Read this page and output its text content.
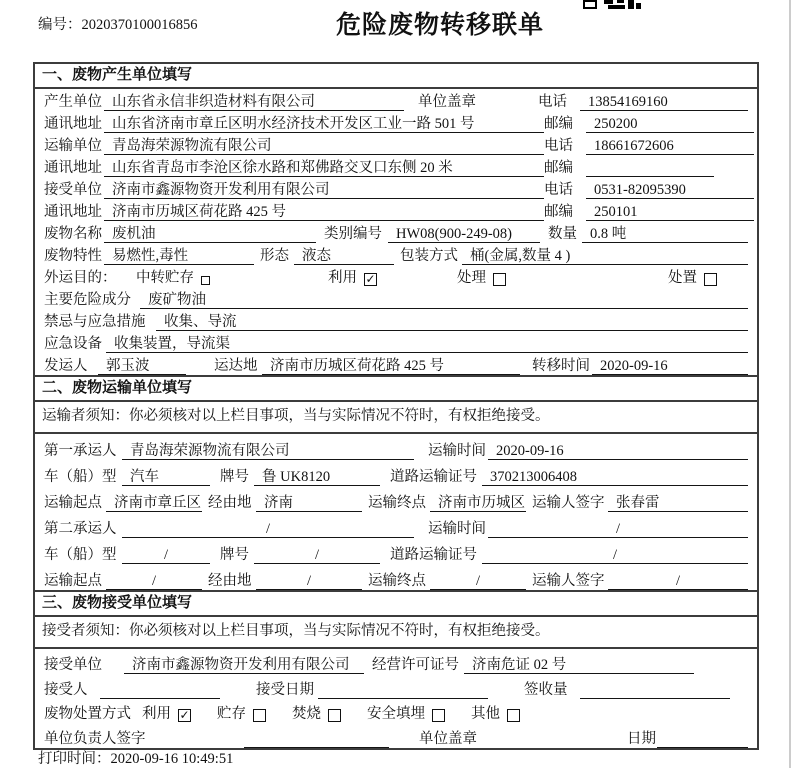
编号：2020370100016856	危险废物转移联单
一、废物产生单位填写
产生单位 山东省永信非织造材料有限公司	单位盖章	电话	13854169160
通讯地址 山东省济南市章丘区明水经济技术开发区工业一路 501 号	邮编	250200
运输单位 青岛海荣源物流有限公司	电话	18661672606
通讯地址 山东省青岛市李沧区徐水路和郑佛路交叉口东侧 20 米	邮编
接受单位 济南市鑫源物资开发利用有限公司	电话	0531-82095390
通讯地址 济南市历城区荷花路 425 号	邮编	250101
废物名称 废机油	类别编号 HW08(900-249-08)	数量 0.8 吨
废物特性 易燃性,毒性	形态 液态	包装方式 桶(金属,数量 4 )
外运目的：	中转贮存	利用 ✓	处理	处置
主要危险成分	废矿物油
禁忌与应急措施	收集、导流
应急设备 收集装置，导流渠
发运人	郭玉波	运达地 济南市历城区荷花路 425 号	转移时间 2020-09-16
二、废物运输单位填写
运输者须知：你必须核对以上栏目事项，当与实际情况不符时，有权拒绝接受。
第一承运人 青岛海荣源物流有限公司	运输时间 2020-09-16
车（船）型 汽车	牌号 鲁 UK8120	道路运输证号 370213006408
运输起点 济南市章丘区 经由地 济南	运输终点 济南市历城区 运输人签字 张春雷
第二承运人	/	运输时间	/
车（船）型	/	牌号	/	道路运输证号	/
运输起点	/	经由地	/	运输终点	/	运输人签字	/
三、废物接受单位填写
接受者须知：你必须核对以上栏目事项，当与实际情况不符时，有权拒绝接受。
接受单位	济南市鑫源物资开发利用有限公司	经营许可证号 济南危证 02 号
接受人	接受日期	签收量
废物处置方式 利用 ✓ 贮存	焚烧	安全填埋	其他
单位负责人签字	单位盖章	日期
打印时间：2020-09-16 10:49:51
